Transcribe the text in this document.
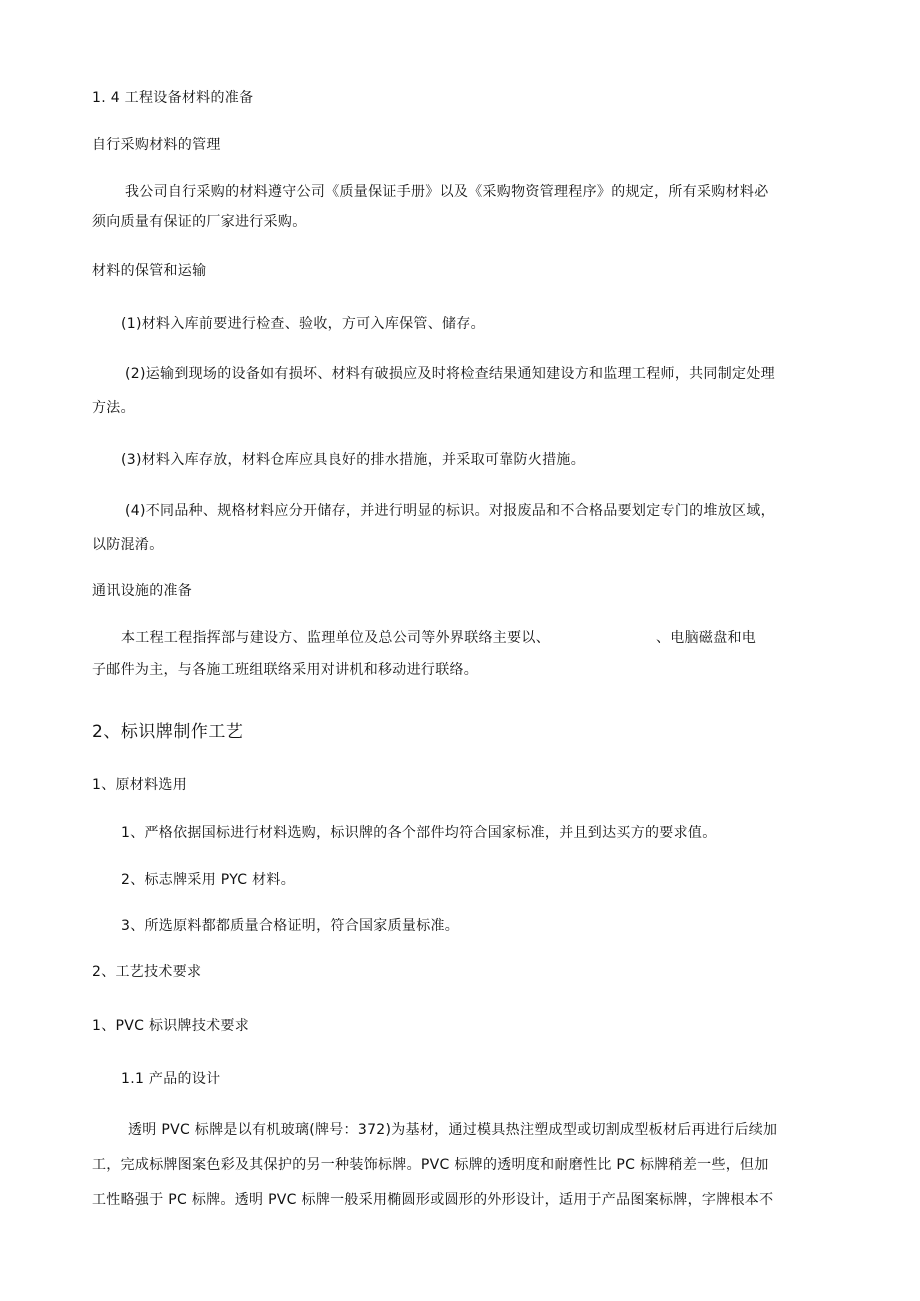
1. 4 工程设备材料的准备
自行采购材料的管理
我公司自行采购的材料遵守公司《质量保证手册》以及《采购物资管理程序》的规定，所有采购材料必
须向质量有保证的厂家进行采购。
材料的保管和运输
(1)材料入库前要进行检查、验收，方可入库保管、储存。
(2)运输到现场的设备如有损坏、材料有破损应及时将检查结果通知建设方和监理工程师，共同制定处理
方法。
(3)材料入库存放，材料仓库应具良好的排水措施，并采取可靠防火措施。
(4)不同品种、规格材料应分开储存，并进行明显的标识。对报废品和不合格品要划定专门的堆放区域，
以防混淆。
通讯设施的准备
本工程工程指挥部与建设方、监理单位及总公司等外界联络主要以、	、电脑磁盘和电
子邮件为主，与各施工班组联络采用对讲机和移动进行联络。
2、标识牌制作工艺
1、原材料选用
1、严格依据国标进行材料选购，标识牌的各个部件均符合国家标准，并且到达买方的要求值。
2、标志牌采用 PYC 材料。
3、所选原料都都质量合格证明，符合国家质量标准。
2、工艺技术要求
1、PVC 标识牌技术要求
1.1 产品的设计
透明 PVC 标牌是以有机玻璃(牌号：372)为基材，通过模具热注塑成型或切割成型板材后再进行后续加
工，完成标牌图案色彩及其保护的另一种装饰标牌。PVC 标牌的透明度和耐磨性比 PC 标牌稍差一些，但加
工性略强于 PC 标牌。透明 PVC 标牌一般采用椭圆形或圆形的外形设计，适用于产品图案标牌，字牌根本不
